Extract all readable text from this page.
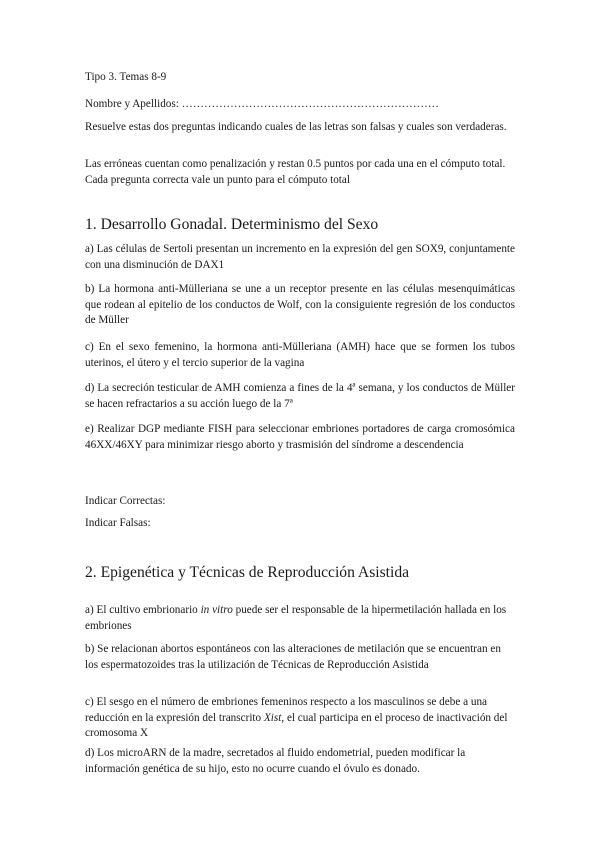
Tipo 3. Temas 8-9

Nombre y Apellidos: ……………………………………………………………

Resuelve estas dos preguntas indicando cuales de las letras son falsas y cuales son verdaderas.

Las erróneas cuentan como penalización y restan 0.5 puntos por cada una en el cómputo total. Cada pregunta correcta vale un punto para el cómputo total

1. Desarrollo Gonadal. Determinismo del Sexo

a) Las células de Sertoli presentan un incremento en la expresión del gen SOX9, conjuntamente con una disminución de DAX1

b) La hormona anti-Mülleriana se une a un receptor presente en las células mesenquimáticas que rodean al epitelio de los conductos de Wolf, con la consiguiente regresión de los conductos de Müller

c) En el sexo femenino, la hormona anti-Mülleriana (AMH) hace que se formen los tubos uterinos, el útero y el tercio superior de la vagina

d) La secreción testicular de AMH comienza a fines de la 4ª semana, y los conductos de Müller se hacen refractarios a su acción luego de la 7ª

e) Realizar DGP mediante FISH para seleccionar embriones portadores de carga cromosómica 46XX/46XY para minimizar riesgo aborto y trasmisión del síndrome a descendencia

Indicar Correctas:

Indicar Falsas:

2. Epigenética y Técnicas de Reproducción Asistida

a) El cultivo embrionario in vitro puede ser el responsable de la hipermetilación hallada en los embriones

b) Se relacionan abortos espontáneos con las alteraciones de metilación que se encuentran en los espermatozoides tras la utilización de Técnicas de Reproducción Asistida

c) El sesgo en el número de embriones femeninos respecto a los masculinos se debe a una reducción en la expresión del transcrito Xist, el cual participa en el proceso de inactivación del cromosoma X

d) Los microARN de la madre, secretados al fluido endometrial, pueden modificar la información genética de su hijo, esto no ocurre cuando el óvulo es donado.
